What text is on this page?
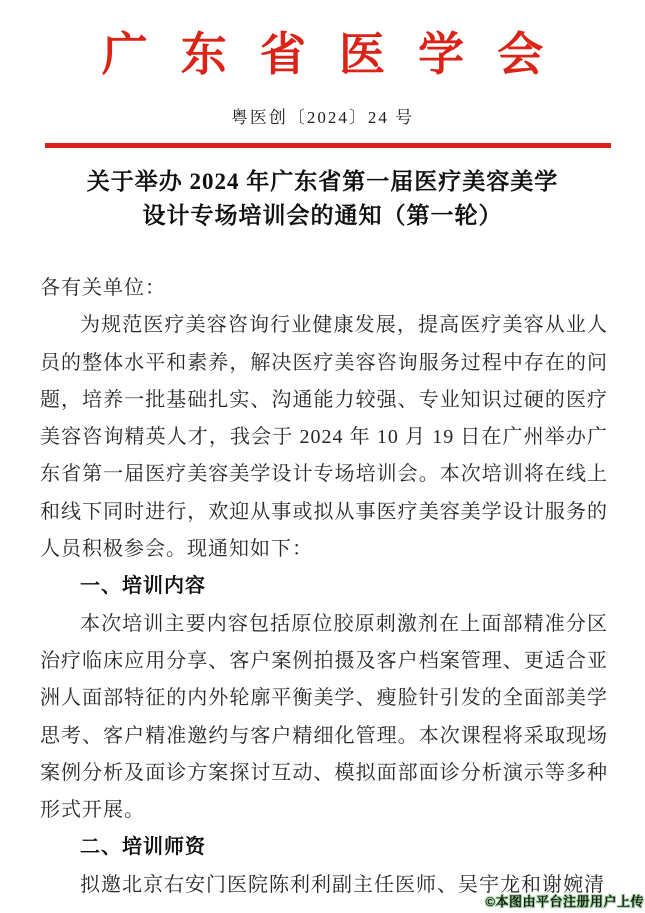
广东省医学会
粤医创〔2024〕24 号
关于举办 2024 年广东省第一届医疗美容美学
设计专场培训会的通知（第一轮）

各有关单位：

为规范医疗美容咨询行业健康发展，提高医疗美容从业人员的整体水平和素养，解决医疗美容咨询服务过程中存在的问题，培养一批基础扎实、沟通能力较强、专业知识过硬的医疗美容咨询精英人才，我会于 2024 年 10 月 19 日在广州举办广东省第一届医疗美容美学设计专场培训会。本次培训将在线上和线下同时进行，欢迎从事或拟从事医疗美容美学设计服务的人员积极参会。现通知如下：

一、培训内容

本次培训主要内容包括原位胶原刺激剂在上面部精准分区治疗临床应用分享、客户案例拍摄及客户档案管理、更适合亚洲人面部特征的内外轮廓平衡美学、瘦脸针引发的全面部美学思考、客户精准邀约与客户精细化管理。本次课程将采取现场案例分析及面诊方案探讨互动、模拟面部面诊分析演示等多种形式开展。

二、培训师资

拟邀北京右安门医院陈利利副主任医师、吴宇龙和谢婉清

©本图由平台注册用户上传
